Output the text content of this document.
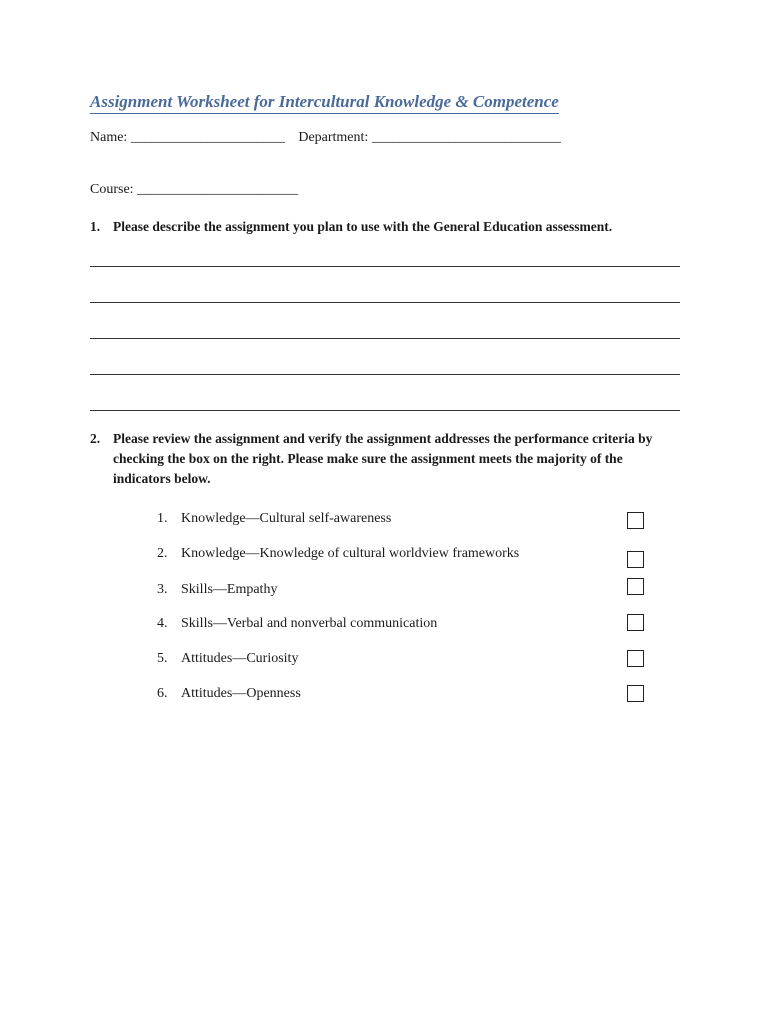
Assignment Worksheet for Intercultural Knowledge & Competence
Name: ______________________ Department: ___________________________
Course: _______________________
1. Please describe the assignment you plan to use with the General Education assessment.
2. Please review the assignment and verify the assignment addresses the performance criteria by checking the box on the right. Please make sure the assignment meets the majority of the indicators below.
1. Knowledge—Cultural self-awareness
2. Knowledge—Knowledge of cultural worldview frameworks
3. Skills—Empathy
4. Skills—Verbal and nonverbal communication
5. Attitudes—Curiosity
6. Attitudes—Openness
